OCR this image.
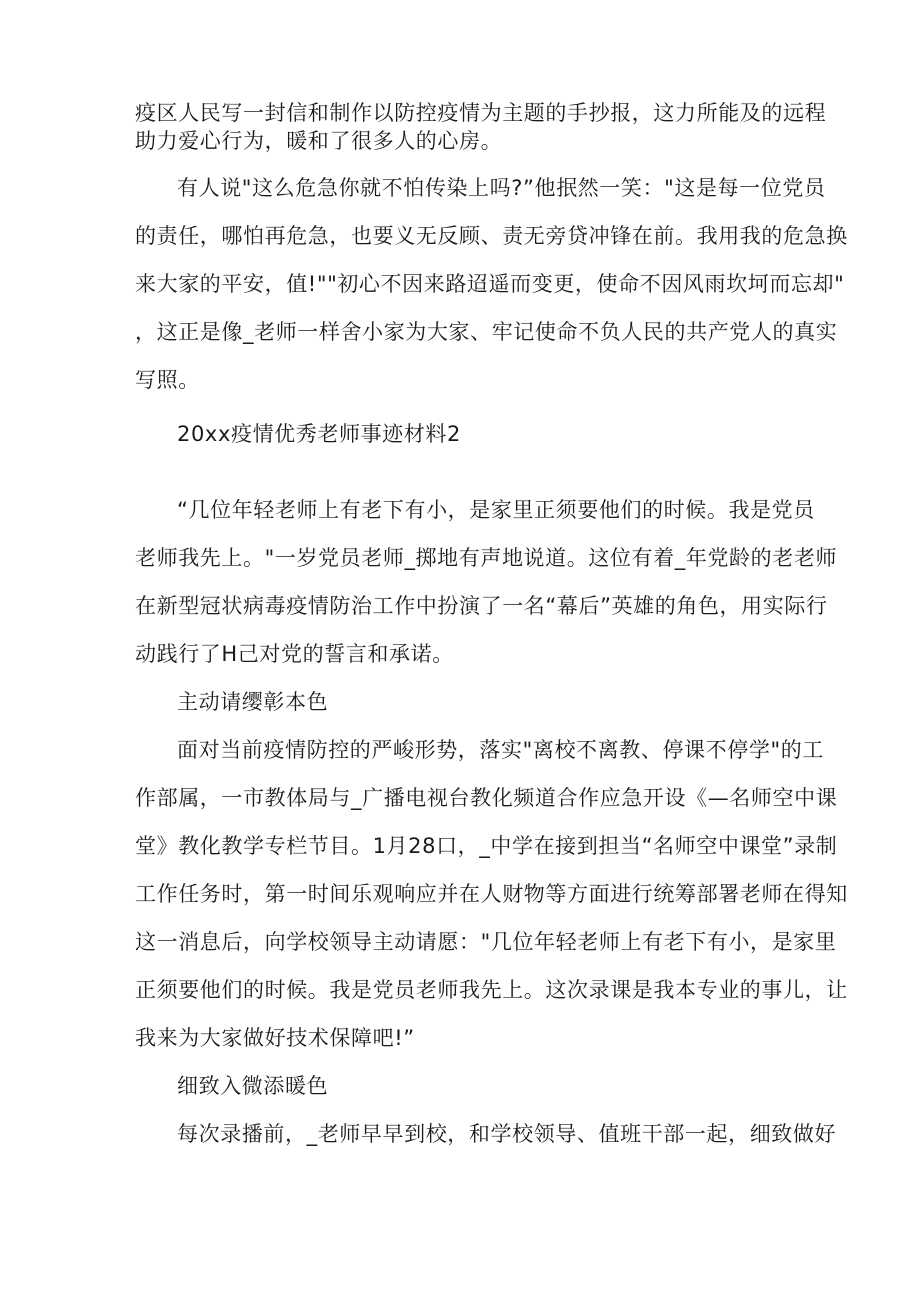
疫区人民写一封信和制作以防控疫情为主题的手抄报，这力所能及的远程
助力爱心行为，暖和了很多人的心房。
有人说"这么危急你就不怕传染上吗?”他抿然一笑："这是每一位党员
的责任，哪怕再危急，也要义无反顾、责无旁贷冲锋在前。我用我的危急换
来大家的平安，值!""初心不因来路迢遥而变更，使命不因风雨坎坷而忘却"
，这正是像_老师一样舍小家为大家、牢记使命不负人民的共产党人的真实
写照。
20xx疫情优秀老师事迹材料2
“几位年轻老师上有老下有小，是家里正须要他们的时候。我是党员
老师我先上。"一岁党员老师_掷地有声地说道。这位有着_年党龄的老老师
在新型冠状病毒疫情防治工作中扮演了一名“幕后”英雄的角色，用实际行
动践行了H己对党的誓言和承诺。
主动请缨彰本色
面对当前疫情防控的严峻形势，落实"离校不离教、停课不停学"的工
作部属，一市教体局与_广播电视台教化频道合作应急开设《—名师空中课
堂》教化教学专栏节目。1月28口，_中学在接到担当“名师空中课堂”录制
工作任务时，第一时间乐观响应并在人财物等方面进行统筹部署老师在得知
这一消息后，向学校领导主动请愿："几位年轻老师上有老下有小，是家里
正须要他们的时候。我是党员老师我先上。这次录课是我本专业的事儿，让
我来为大家做好技术保障吧!”
细致入微添暖色
每次录播前，_老师早早到校，和学校领导、值班干部一起，细致做好
